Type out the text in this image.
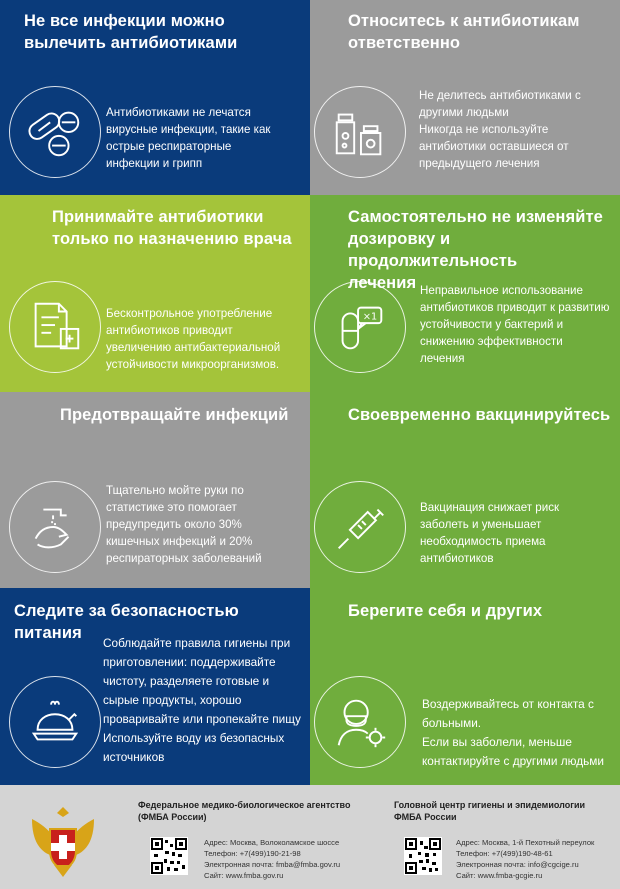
Не все инфекции можно
вылечить антибиотиками

Антибиотиками не лечатся
вирусные инфекции, такие как
острые респираторные
инфекции и грипп

Относитесь к антибиотикам
ответственно

Не делитесь антибиотиками с
другими людьми
Никогда не используйте
антибиотики оставшиеся от
предыдущего лечения

Принимайте антибиотики
только по назначению врача

Бесконтрольное употребление
антибиотиков приводит
увеличению антибактериальной
устойчивости микроорганизмов.

Самостоятельно не изменяйте
дозировку и продолжительность
лечения
×1

Неправильное использование
антибиотиков приводит к развитию
устойчивости у бактерий и
снижению эффективности
лечения

Предотвращайте инфекций

Тщательно мойте руки по
статистике это помогает
предупредить около 30%
кишечных инфекций и 20%
респираторных заболеваний

Своевременно вакцинируйтесь

Вакцинация снижает риск
заболеть и уменьшает
необходимость приема
антибиотиков

Следите за безопасностью питания

Соблюдайте правила гигиены при
приготовлении: поддерживайте
чистоту, разделяете готовые и
сырые продукты, хорошо
проваривайте или пропекайте пищу
Используйте воду из безопасных
источников

Берегите себя и других

Воздерживайтесь от контакта с
больными.
Если вы заболели, меньше
контактируйте с другими людьми

Федеральное медико-биологическое агентство
(ФМБА России)
Адрес: Москва, Волоколамское шоссе
Телефон: +7(499)190-21-98
Электронная почта: fmba@fmba.gov.ru
Сайт: www.fmba.gov.ru
Головной центр гигиены и эпидемиологии
ФМБА России
Адрес: Москва, 1-й Пехотный переулок
Телефон: +7(499)190-48-61
Электронная почта: info@cgcige.ru
Сайт: www.fmba-gcgie.ru
